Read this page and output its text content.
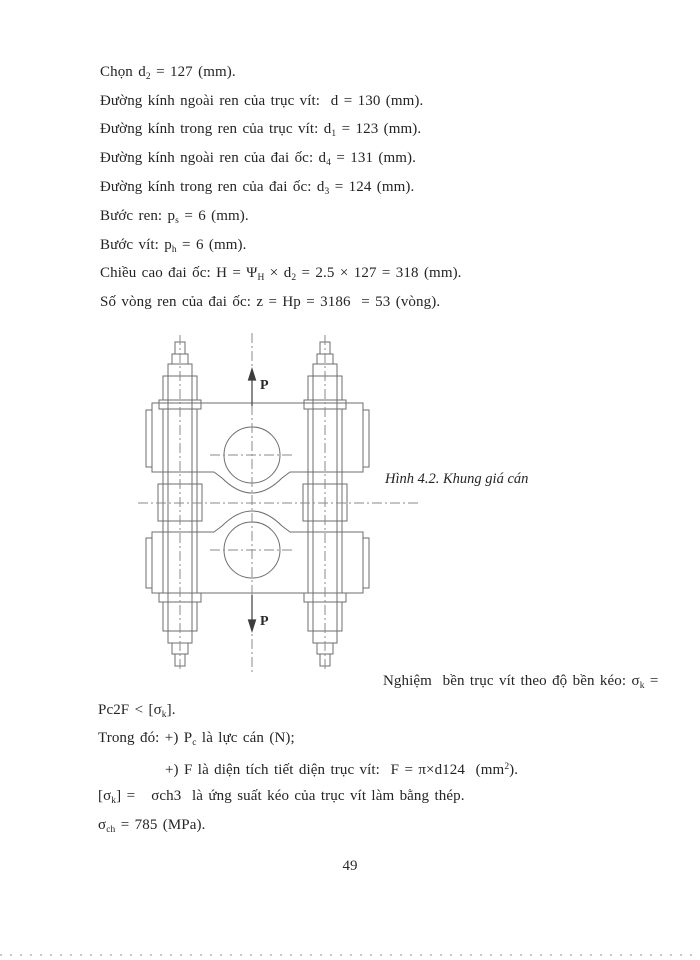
Chọn $d_2 = 127$ (mm).
Đường kính ngoài ren của trục vít:  d = 130 (mm).
Đường kính trong ren của trục vít: $d_1 = 123$ (mm).
Đường kính ngoài ren của đai ốc: $d_4 = 131$ (mm).
Đường kính trong ren của đai ốc: $d_3 = 124$ (mm).
Bước ren: $p_s = 6$ (mm).
Bước vít: $p_h = 6$ (mm).
Chiều cao đai ốc: $H = \Psi_H \times d_2 = 2.5 \times 127 = 318$ (mm).
Số vòng ren của đai ốc: z = Hp = 3186  = 53 (vòng).
P
P
Hình 4.2. Khung giá cán
Nghiệm  bền trục vít theo độ bền kéo: $\sigma_k$ =
$Pc2F < [\sigma_k]$.
Trong đó: +) $P_c$ là lực cán (N);
+) F là diện tích tiết diện trục vít:  F = π×d124  $(mm^2)$.
$[\sigma_k] = \sigma ch3$  là ứng suất kéo của trục vít làm bằng thép.
$\sigma_{ch} = 785$ (MPa).
49
